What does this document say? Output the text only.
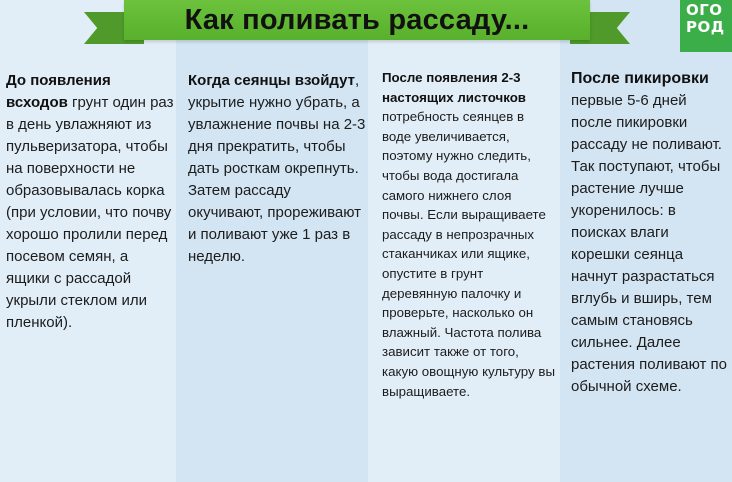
Как поливать рассаду...	ОГО
РОД
До появления всходов грунт один раз в день увлажняют из пульверизатора, чтобы на поверхности не образовывалась корка (при условии, что почву хорошо пролили перед посевом семян, а ящики с рассадой укрыли стеклом или пленкой).
Когда сеянцы взойдут, укрытие нужно убрать, а увлажнение почвы на 2-3 дня прекратить, чтобы дать росткам окрепнуть. Затем рассаду окучивают, прореживают и поливают уже 1 раз в неделю.
После появления 2-3 настоящих листочков потребность сеянцев в воде увеличивается, поэтому нужно следить, чтобы вода достигала самого нижнего слоя почвы. Если выращиваете рассаду в непрозрачных стаканчиках или ящике, опустите в грунт деревянную палочку и проверьте, насколько он влажный. Частота полива зависит также от того, какую овощную культуру вы выращиваете.
После пикировки первые 5-6 дней после пикировки рассаду не поливают. Так поступают, чтобы растение лучше укоренилось: в поисках влаги корешки сеянца начнут разрастаться вглубь и вширь, тем самым становясь сильнее. Далее растения поливают по обычной схеме.
